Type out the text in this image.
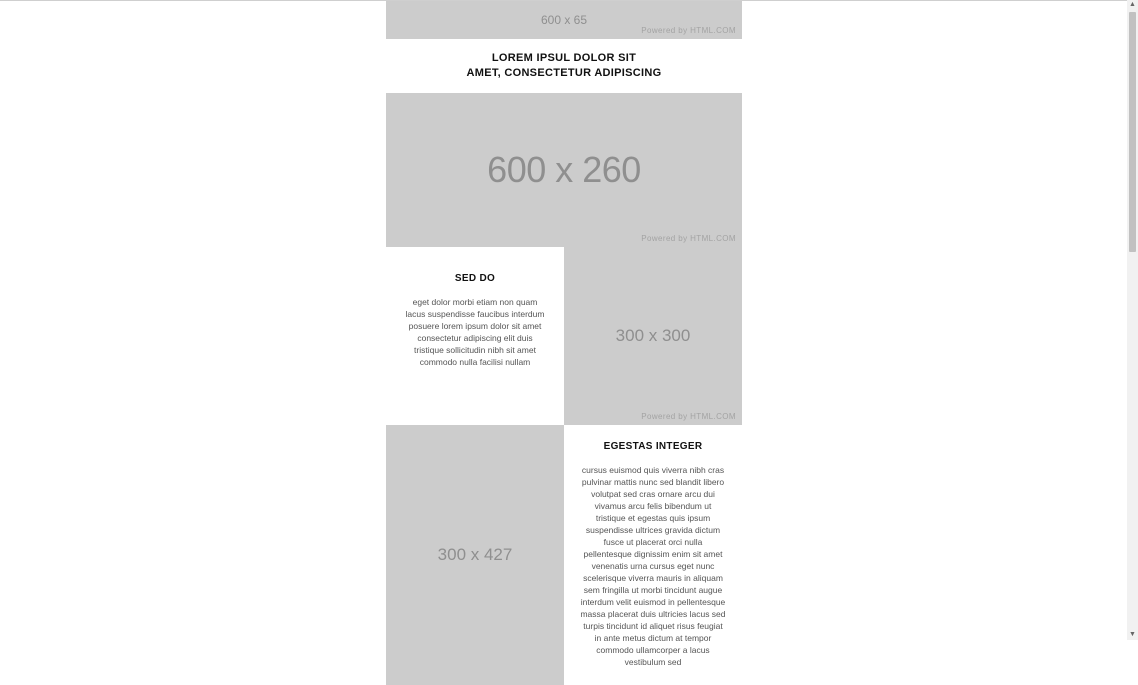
600 x 65
Powered by HTML.COM
LOREM IPSUL DOLOR SIT
AMET, CONSECTETUR ADIPISCING
600 x 260
Powered by HTML.COM
SED DO
eget dolor morbi etiam non quam lacus suspendisse faucibus interdum posuere lorem ipsum dolor sit amet consectetur adipiscing elit duis tristique sollicitudin nibh sit amet commodo nulla facilisi nullam
300 x 300
Powered by HTML.COM
300 x 427
EGESTAS INTEGER
cursus euismod quis viverra nibh cras pulvinar mattis nunc sed blandit libero volutpat sed cras ornare arcu dui vivamus arcu felis bibendum ut tristique et egestas quis ipsum suspendisse ultrices gravida dictum fusce ut placerat orci nulla pellentesque dignissim enim sit amet venenatis urna cursus eget nunc scelerisque viverra mauris in aliquam sem fringilla ut morbi tincidunt augue interdum velit euismod in pellentesque massa placerat duis ultricies lacus sed turpis tincidunt id aliquet risus feugiat in ante metus dictum at tempor commodo ullamcorper a lacus vestibulum sed
▲
▼
